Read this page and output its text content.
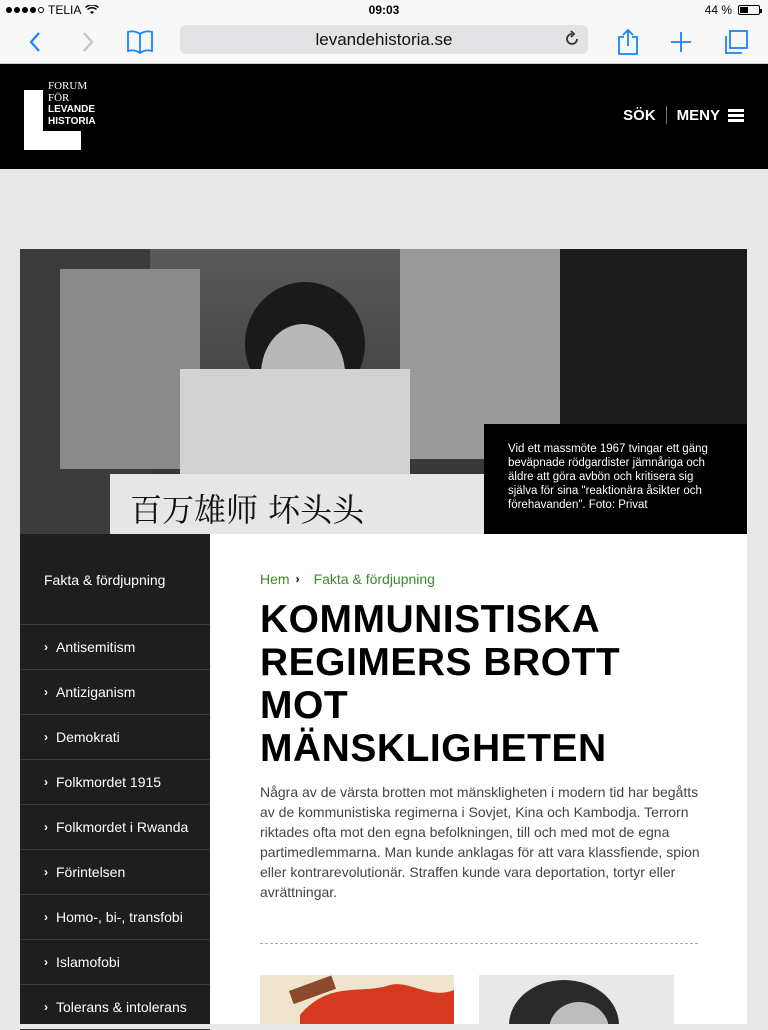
TELIA	09:03	44 %
levandehistoria.se
FORUM
FÖR
LEVANDE
HISTORIA	SÖK MENY
百万雄师 坏头头
Vid ett massmöte 1967 tvingar ett gäng beväpnade rödgardister jämnåriga och äldre att göra avbön och kritisera sig själva för sina "reaktionära åsikter och förehavanden". Foto: Privat
Fakta & fördjupning
› Antisemitism
› Antiziganism
› Demokrati
› Folkmordet 1915
› Folkmordet i Rwanda
› Förintelsen
› Homo-, bi-, transfobi
› Islamofobi
› Tolerans & intolerans
Hem › Fakta & fördjupning
KOMMUNISTISKA REGIMERS BROTT MOT MÄNSKLIGHETEN

Några av de värsta brotten mot mänskligheten i modern tid har begåtts av de kommunistiska regimerna i Sovjet, Kina och Kambodja. Terrorn riktades ofta mot den egna befolkningen, till och med mot de egna partimedlemmarna. Man kunde anklagas för att vara klassfiende, spion eller kontrarevolutionär. Straffen kunde vara deportation, tortyr eller avrättningar.
